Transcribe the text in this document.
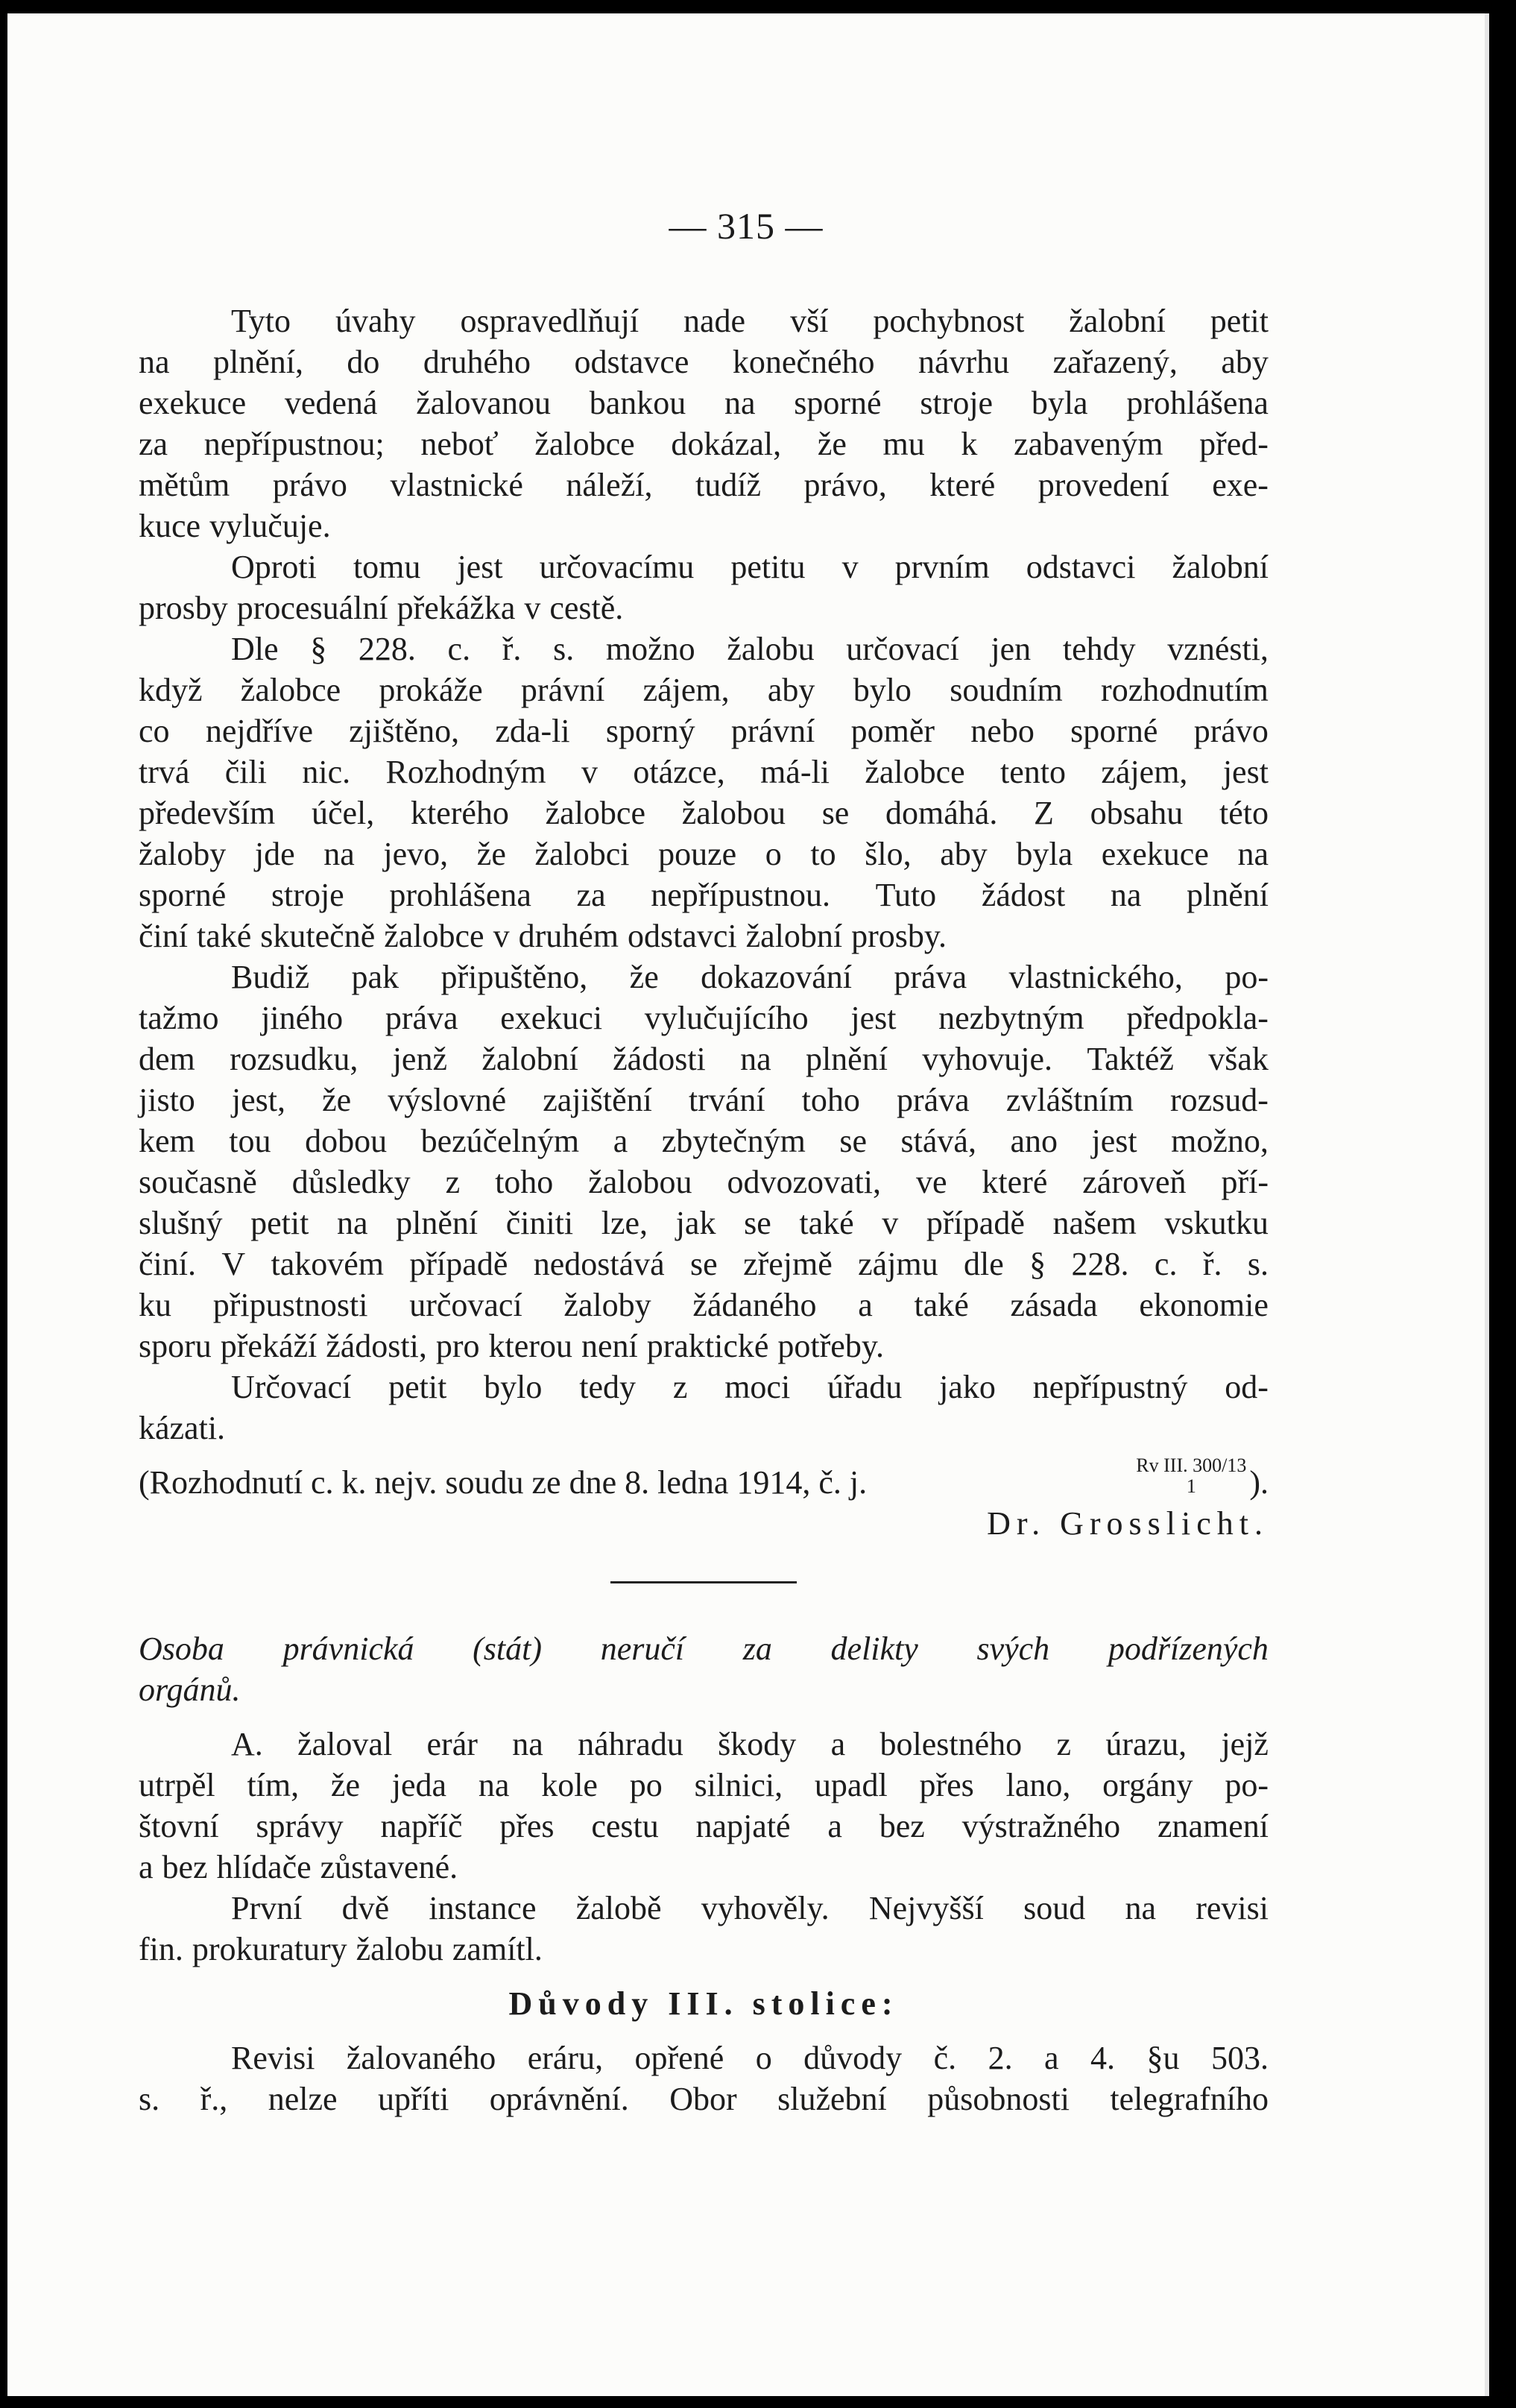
— 315 —
Tyto úvahy ospravedlňují nade vší pochybnost žalobní petit
na plnění, do druhého odstavce konečného návrhu zařazený, aby
exekuce vedená žalovanou bankou na sporné stroje byla prohlášena
za nepřípustnou; neboť žalobce dokázal, že mu k zabaveným před-
mětům právo vlastnické náleží, tudíž právo, které provedení exe-
kuce vylučuje.
Oproti tomu jest určovacímu petitu v prvním odstavci žalobní
prosby procesuální překážka v cestě.
Dle § 228. c. ř. s. možno žalobu určovací jen tehdy vznésti,
když žalobce prokáže právní zájem, aby bylo soudním rozhodnutím
co nejdříve zjištěno, zda-li sporný právní poměr nebo sporné právo
trvá čili nic. Rozhodným v otázce, má-li žalobce tento zájem, jest
především účel, kterého žalobce žalobou se domáhá. Z obsahu této
žaloby jde na jevo, že žalobci pouze o to šlo, aby byla exekuce na
sporné stroje prohlášena za nepřípustnou. Tuto žádost na plnění
činí také skutečně žalobce v druhém odstavci žalobní prosby.
Budiž pak připuštěno, že dokazování práva vlastnického, po-
tažmo jiného práva exekuci vylučujícího jest nezbytným předpokla-
dem rozsudku, jenž žalobní žádosti na plnění vyhovuje. Taktéž však
jisto jest, že výslovné zajištění trvání toho práva zvláštním rozsud-
kem tou dobou bezúčelným a zbytečným se stává, ano jest možno,
současně důsledky z toho žalobou odvozovati, ve které zároveň pří-
slušný petit na plnění činiti lze, jak se také v případě našem vskutku
činí. V takovém případě nedostává se zřejmě zájmu dle § 228. c. ř. s.
ku připustnosti určovací žaloby žádaného a také zásada ekonomie
sporu překáží žádosti, pro kterou není praktické potřeby.
Určovací petit bylo tedy z moci úřadu jako nepřípustný od-
kázati.
(Rozhodnutí c. k. nejv. soudu ze dne 8. ledna 1914, č. j.	Rv III. 300/13
1	).
Dr. Grosslicht.
Osoba právnická (stát) neručí za delikty svých podřízených
orgánů.
A. žaloval erár na náhradu škody a bolestného z úrazu, jejž
utrpěl tím, že jeda na kole po silnici, upadl přes lano, orgány po-
štovní správy napříč přes cestu napjaté a bez výstražného znamení
a bez hlídače zůstavené.
První dvě instance žalobě vyhověly. Nejvyšší soud na revisi
fin. prokuratury žalobu zamítl.
Důvody III. stolice:
Revisi žalovaného eráru, opřené o důvody č. 2. a 4. §u 503.
s. ř., nelze upříti oprávnění. Obor služební působnosti telegrafního
